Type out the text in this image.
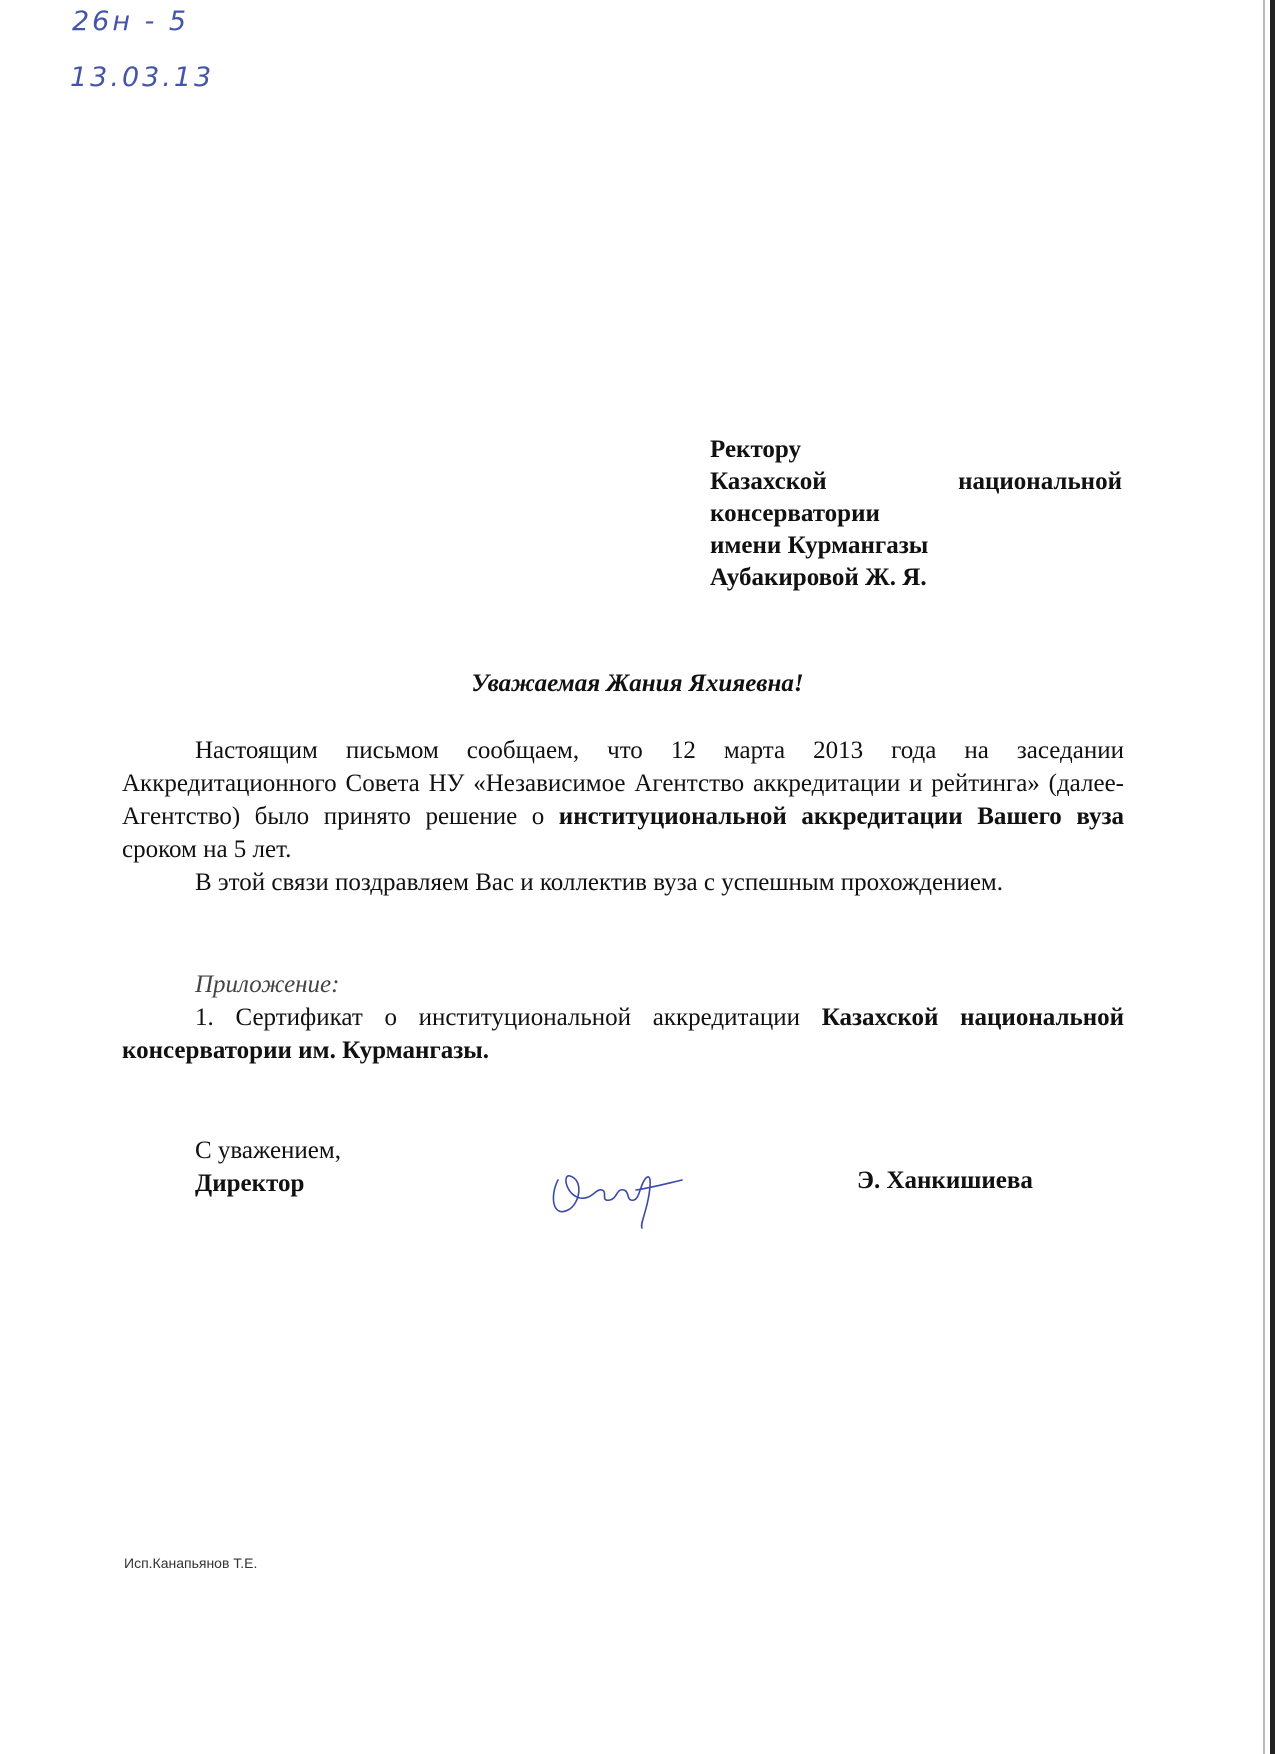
26н - 5
13.03.13
Ректору
Казахской	национальной
консерватории
имени Курмангазы
Аубакировой Ж. Я.
Уважаемая Жания Яхияевна!

Настоящим письмом сообщаем, что 12 марта 2013 года на заседании Аккредитационного Совета НУ «Независимое Агентство аккредитации и рейтинга» (далее-Агентство) было принято решение о институциональной аккредитации Вашего вуза сроком на 5 лет.

В этой связи поздравляем Вас и коллектив вуза с успешным прохождением.

Приложение:
1. Сертификат о институциональной аккредитации Казахской национальной консерватории им. Курмангазы.
С уважением,
Директор	Э. Ханкишиева
Исп.Канапьянов Т.Е.
